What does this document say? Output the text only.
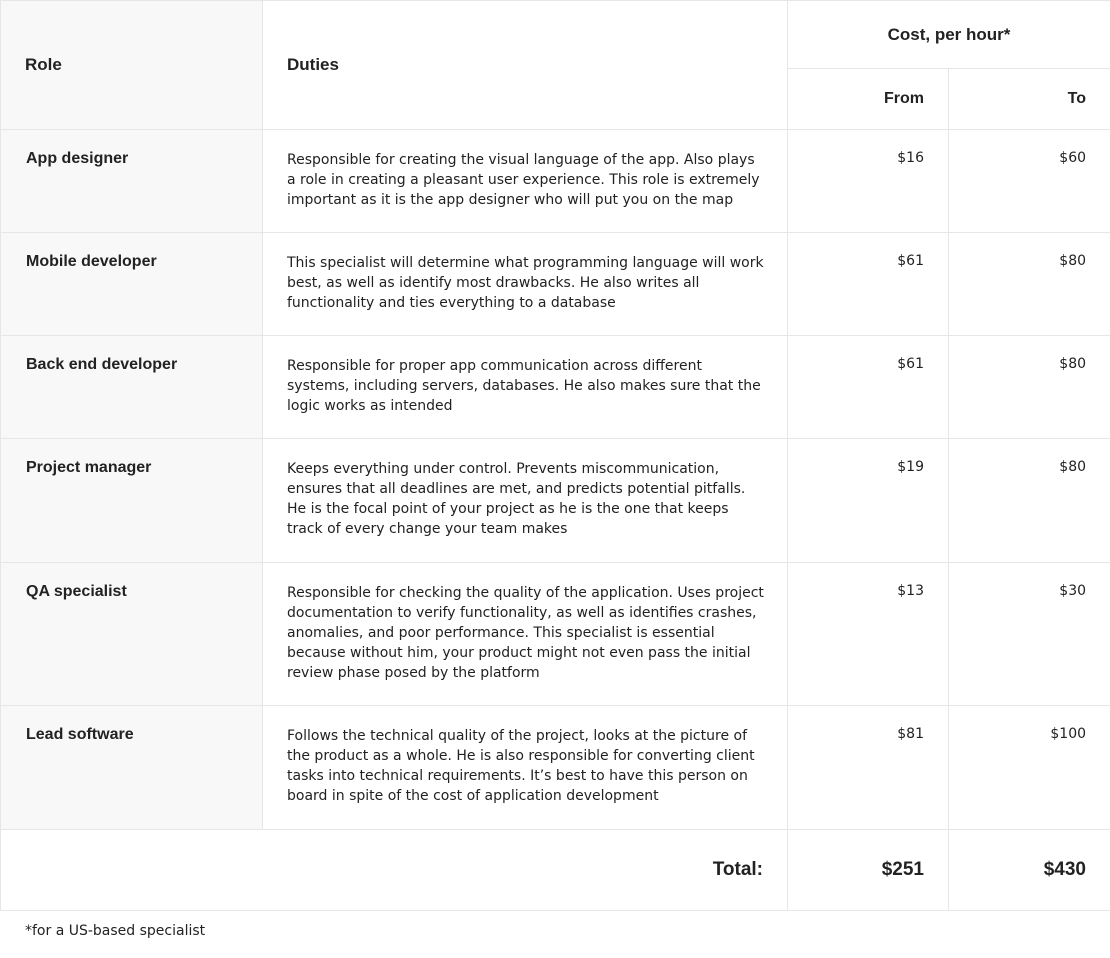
Role	Duties	Cost, per hour*	
		From	To
App designer	Responsible for creating the visual language of the app. Also plays a role in creating a pleasant user experience. This role is extremely important as it is the app designer who will put you on the map	$16	$60
Mobile developer	This specialist will determine what programming language will work best, as well as identify most drawbacks. He also writes all functionality and ties everything to a database	$61	$80
Back end developer	Responsible for proper app communication across different systems, including servers, databases. He also makes sure that the logic works as intended	$61	$80
Project manager	Keeps everything under control. Prevents miscommunication, ensures that all deadlines are met, and predicts potential pitfalls. He is the focal point of your project as he is the one that keeps track of every change your team makes	$19	$80
QA specialist	Responsible for checking the quality of the application. Uses project documentation to verify functionality, as well as identifies crashes, anomalies, and poor performance. This specialist is essential because without him, your product might not even pass the initial review phase posed by the platform	$13	$30
Lead software	Follows the technical quality of the project, looks at the picture of the product as a whole. He is also responsible for converting client tasks into technical requirements. It’s best to have this person on board in spite of the cost of application development	$81	$100
Total:		$251	$430
*for a US-based specialist
